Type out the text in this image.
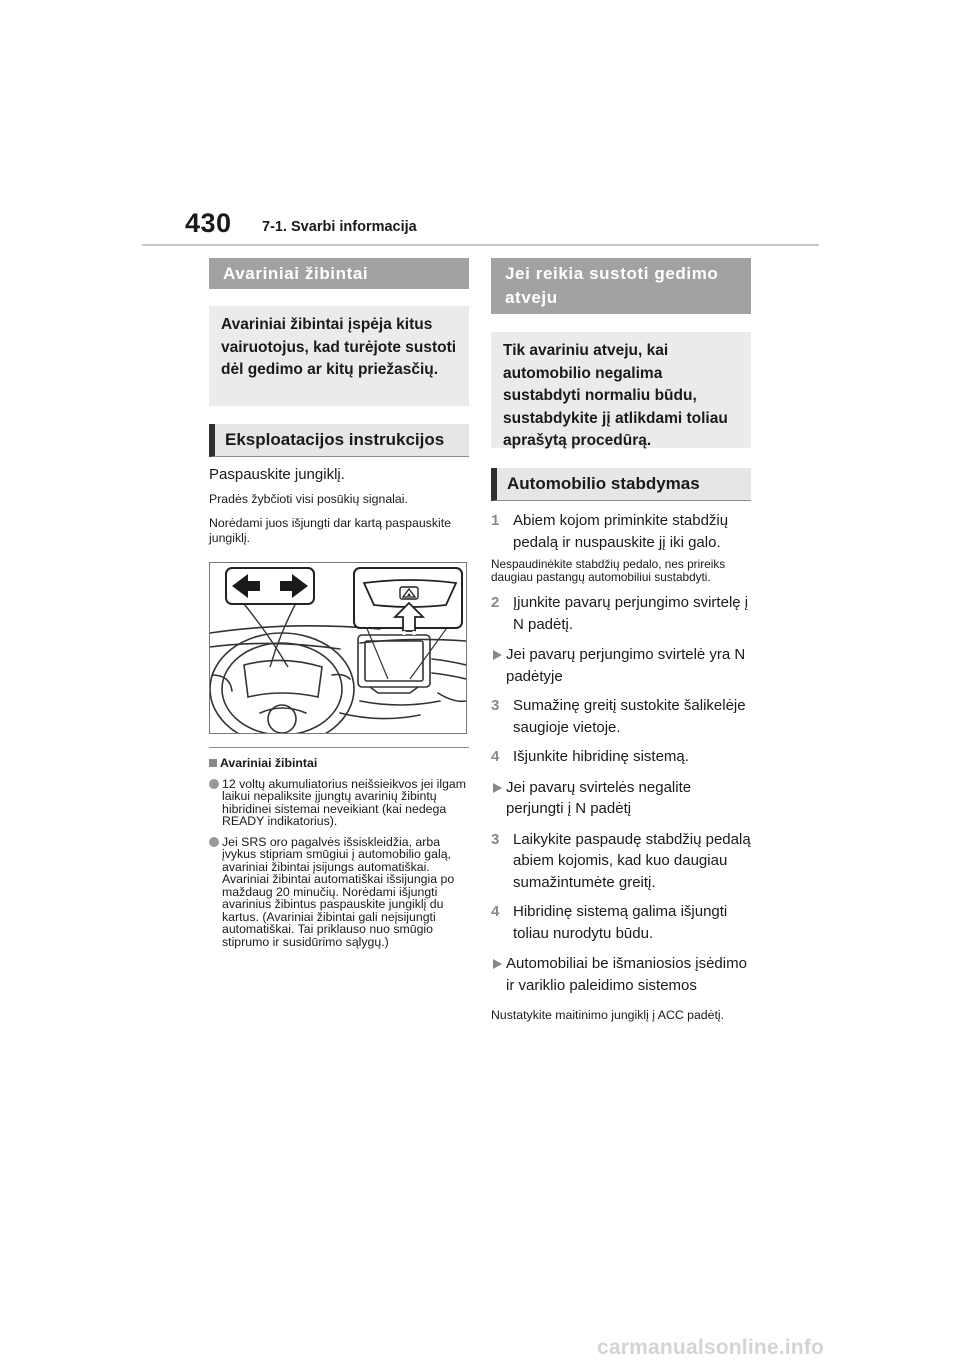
430 7-1. Svarbi informacija
Avariniai žibintai
Avariniai žibintai įspėja kitus vairuotojus, kad turėjote sustoti dėl gedimo ar kitų priežasčių.
Eksploatacijos instrukcijos
Paspauskite jungiklį.
Pradės žybčioti visi posūkių signalai.
Norėdami juos išjungti dar kartą paspauskite jungiklį.
Avariniai žibintai
12 voltų akumuliatorius neišsieikvos jei ilgam laikui nepaliksite įjungtų avarinių žibintų hibridinei sistemai neveikiant (kai nedega READY indikatorius).
Jei SRS oro pagalvės išsiskleidžia, arba įvykus stipriam smūgiui į automobilio galą, avariniai žibintai įsijungs automatiškai.
Avariniai žibintai automatiškai išsijungia po maždaug 20 minučių. Norėdami išjungti avarinius žibintus paspauskite jungiklį du kartus. (Avariniai žibintai gali neįsijungti automatiškai. Tai priklauso nuo smūgio stiprumo ir susidūrimo sąlygų.)
Jei reikia sustoti gedimo atveju
Tik avariniu atveju, kai automobilio negalima sustabdyti normaliu būdu, sustabdykite jį atlikdami toliau aprašytą procedūrą.
Automobilio stabdymas
1 Abiem kojom priminkite stabdžių pedalą ir nuspauskite jį iki galo.
Nespaudinėkite stabdžių pedalo, nes prireiks daugiau pastangų automobiliui sustabdyti.
2 Įjunkite pavarų perjungimo svirtelę į N padėtį.
Jei pavarų perjungimo svirtelė yra N padėtyje
3 Sumažinę greitį sustokite šalikelėje saugioje vietoje.
4 Išjunkite hibridinę sistemą.
Jei pavarų svirtelės negalite perjungti į N padėtį
3 Laikykite paspaudę stabdžių pedalą abiem kojomis, kad kuo daugiau sumažintumėte greitį.
4 Hibridinę sistemą galima išjungti toliau nurodytu būdu.
Automobiliai be išmaniosios įsėdimo ir variklio paleidimo sistemos
Nustatykite maitinimo jungiklį į ACC padėtį.
carmanualsonline.info
